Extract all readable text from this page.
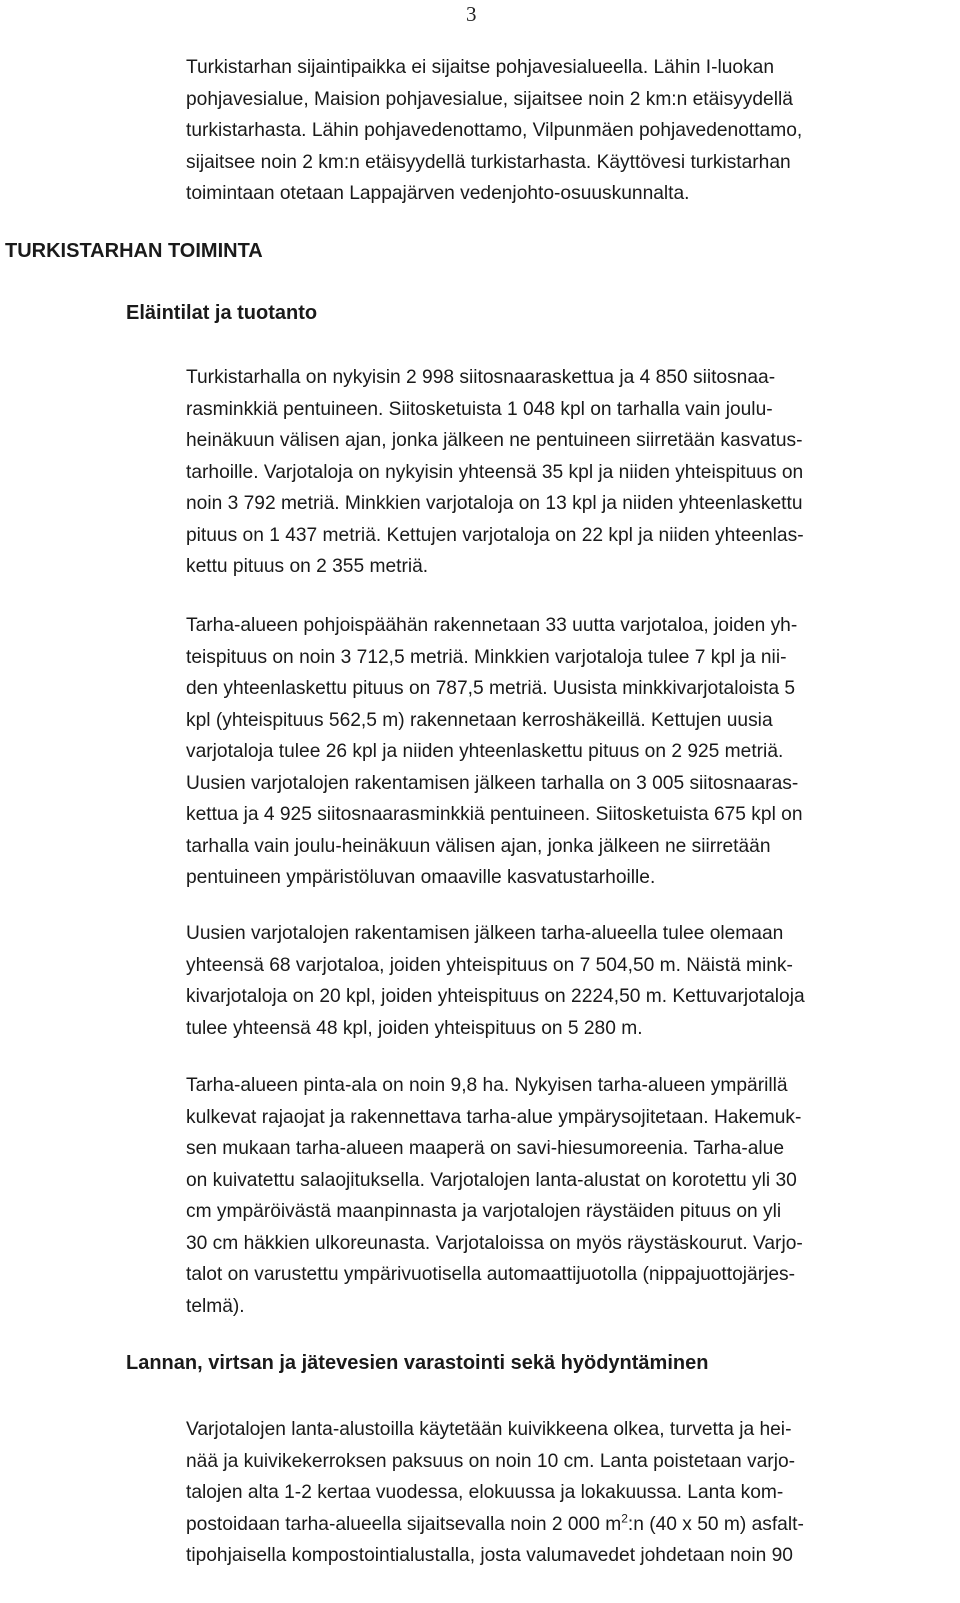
3
Turkistarhan sijaintipaikka ei sijaitse pohjavesialueella. Lähin I-luokan
pohjavesialue, Maision pohjavesialue, sijaitsee noin 2 km:n etäisyydellä
turkistarhasta. Lähin pohjavedenottamo, Vilpunmäen pohjavedenottamo,
sijaitsee noin 2 km:n etäisyydellä turkistarhasta. Käyttövesi turkistarhan
toimintaan otetaan Lappajärven vedenjohto-osuuskunnalta.
TURKISTARHAN TOIMINTA
Eläintilat ja tuotanto
Turkistarhalla on nykyisin 2 998 siitosnaaraskettua ja 4 850 siitosnaa-
rasminkkiä pentuineen. Siitosketuista 1 048 kpl on tarhalla vain joulu-
heinäkuun välisen ajan, jonka jälkeen ne pentuineen siirretään kasvatus-
tarhoille. Varjotaloja on nykyisin yhteensä 35 kpl ja niiden yhteispituus on
noin 3 792 metriä. Minkkien varjotaloja on 13 kpl ja niiden yhteenlaskettu
pituus on 1 437 metriä. Kettujen varjotaloja on 22 kpl ja niiden yhteenlas-
kettu pituus on 2 355 metriä.
Tarha-alueen pohjoispäähän rakennetaan 33 uutta varjotaloa, joiden yh-
teispituus on noin 3 712,5 metriä. Minkkien varjotaloja tulee 7 kpl ja nii-
den yhteenlaskettu pituus on 787,5 metriä. Uusista minkkivarjotaloista 5
kpl (yhteispituus 562,5 m) rakennetaan kerroshäkeillä. Kettujen uusia
varjotaloja tulee 26 kpl ja niiden yhteenlaskettu pituus on 2 925 metriä.
Uusien varjotalojen rakentamisen jälkeen tarhalla on 3 005 siitosnaaras-
kettua ja 4 925 siitosnaarasminkkiä pentuineen. Siitosketuista 675 kpl on
tarhalla vain joulu-heinäkuun välisen ajan, jonka jälkeen ne siirretään
pentuineen ympäristöluvan omaaville kasvatustarhoille.
Uusien varjotalojen rakentamisen jälkeen tarha-alueella tulee olemaan
yhteensä 68 varjotaloa, joiden yhteispituus on 7 504,50 m. Näistä mink-
kivarjotaloja on 20 kpl, joiden yhteispituus on 2224,50 m. Kettuvarjotaloja
tulee yhteensä 48 kpl, joiden yhteispituus on 5 280 m.
Tarha-alueen pinta-ala on noin 9,8 ha. Nykyisen tarha-alueen ympärillä
kulkevat rajaojat ja rakennettava tarha-alue ympärysojitetaan. Hakemuk-
sen mukaan tarha-alueen maaperä on savi-hiesumoreenia. Tarha-alue
on kuivatettu salaojituksella. Varjotalojen lanta-alustat on korotettu yli 30
cm ympäröivästä maanpinnasta ja varjotalojen räystäiden pituus on yli
30 cm häkkien ulkoreunasta. Varjotaloissa on myös räystäskourut. Varjo-
talot on varustettu ympärivuotisella automaattijuotolla (nippajuottojärjes-
telmä).
Lannan, virtsan ja jätevesien varastointi sekä hyödyntäminen
Varjotalojen lanta-alustoilla käytetään kuivikkeena olkea, turvetta ja hei-
nää ja kuivikekerroksen paksuus on noin 10 cm. Lanta poistetaan varjo-
talojen alta 1-2 kertaa vuodessa, elokuussa ja lokakuussa. Lanta kom-
postoidaan tarha-alueella sijaitsevalla noin 2 000 $m^2:n$ (40 x 50 m) asfalt-
tipohjaisella kompostointialustalla, josta valumavedet johdetaan noin 90
